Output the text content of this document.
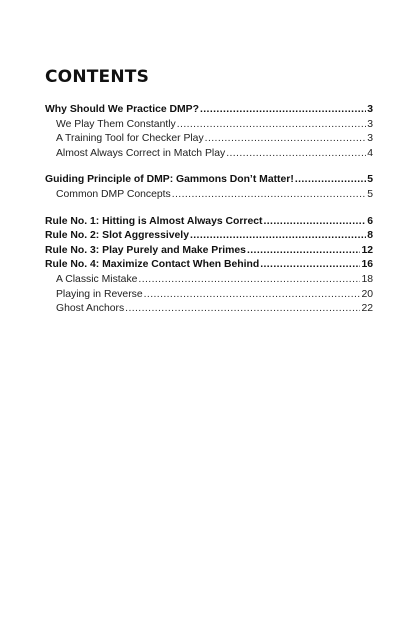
CONTENTS
Why Should We Practice DMP? .....	3
We Play Them Constantly .....	3
A Training Tool for Checker Play .....	3
Almost Always Correct in Match Play .....	4
Guiding Principle of DMP: Gammons Don’t Matter! .....	5
Common DMP Concepts .....	5
Rule No. 1: Hitting is Almost Always Correct .....	6
Rule No. 2: Slot Aggressively .....	8
Rule No. 3: Play Purely and Make Primes .....	12
Rule No. 4: Maximize Contact When Behind .....	16
A Classic Mistake .....	18
Playing in Reverse .....	20
Ghost Anchors .....	22
